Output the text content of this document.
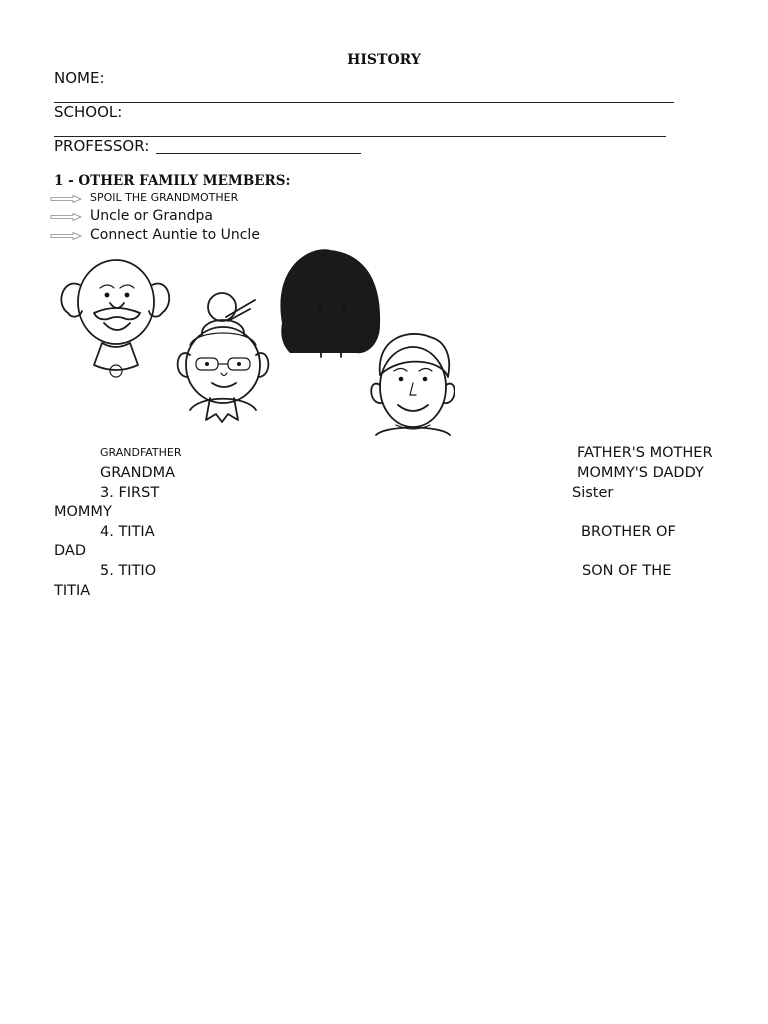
HISTORY
NOME:
SCHOOL:
PROFESSOR:
1 - OTHER FAMILY MEMBERS:
SPOIL THE GRANDMOTHER
Uncle or Grandpa
Connect Auntie to Uncle
GRANDFATHER	FATHER'S MOTHER
GRANDMA	MOMMY'S DADDY
3. FIRST	Sister
MOMMY
4. TITIA	BROTHER OF
DAD
5. TITIO	SON OF THE
TITIA
